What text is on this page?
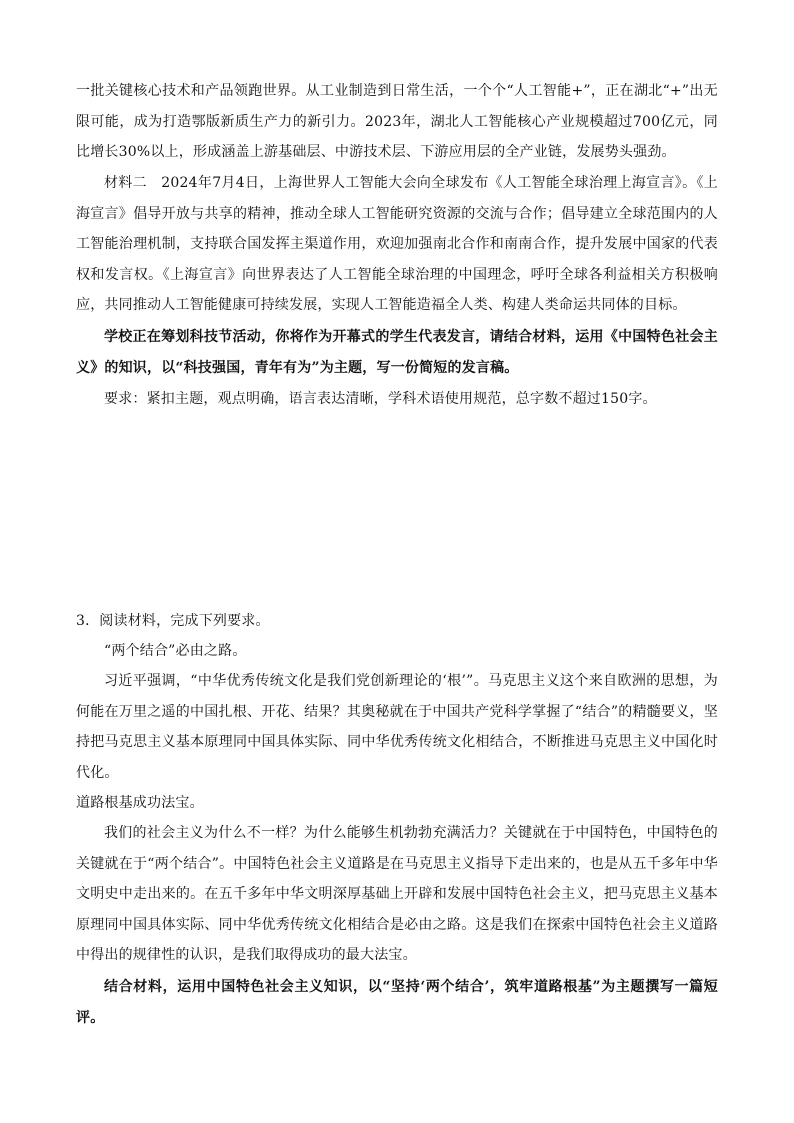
一批关键核心技术和产品领跑世界。从工业制造到日常生活，一个个“人工智能+”，正在湖北“+”出无限可能，成为打造鄂版新质生产力的新引力。2023年，湖北人工智能核心产业规模超过700亿元，同比增长30%以上，形成涵盖上游基础层、中游技术层、下游应用层的全产业链，发展势头强劲。

材料二　2024年7月4日，上海世界人工智能大会向全球发布《人工智能全球治理上海宣言》。《上海宣言》倡导开放与共享的精神，推动全球人工智能研究资源的交流与合作；倡导建立全球范围内的人工智能治理机制，支持联合国发挥主渠道作用，欢迎加强南北合作和南南合作，提升发展中国家的代表权和发言权。《上海宣言》向世界表达了人工智能全球治理的中国理念，呼吁全球各利益相关方积极响应，共同推动人工智能健康可持续发展，实现人工智能造福全人类、构建人类命运共同体的目标。

学校正在筹划科技节活动，你将作为开幕式的学生代表发言，请结合材料，运用《中国特色社会主义》的知识，以“科技强国，青年有为”为主题，写一份简短的发言稿。

要求：紧扣主题，观点明确，语言表达清晰，学科术语使用规范，总字数不超过150字。

3．阅读材料，完成下列要求。

“两个结合”必由之路。

习近平强调，“中华优秀传统文化是我们党创新理论的‘根’”。马克思主义这个来自欧洲的思想，为何能在万里之遥的中国扎根、开花、结果？其奥秘就在于中国共产党科学掌握了“结合”的精髓要义，坚持把马克思主义基本原理同中国具体实际、同中华优秀传统文化相结合，不断推进马克思主义中国化时代化。

道路根基成功法宝。

我们的社会主义为什么不一样？为什么能够生机勃勃充满活力？关键就在于中国特色，中国特色的关键就在于“两个结合”。中国特色社会主义道路是在马克思主义指导下走出来的，也是从五千多年中华文明史中走出来的。在五千多年中华文明深厚基础上开辟和发展中国特色社会主义，把马克思主义基本原理同中国具体实际、同中华优秀传统文化相结合是必由之路。这是我们在探索中国特色社会主义道路中得出的规律性的认识，是我们取得成功的最大法宝。

结合材料，运用中国特色社会主义知识，以“坚持‘两个结合’，筑牢道路根基”为主题撰写一篇短评。
